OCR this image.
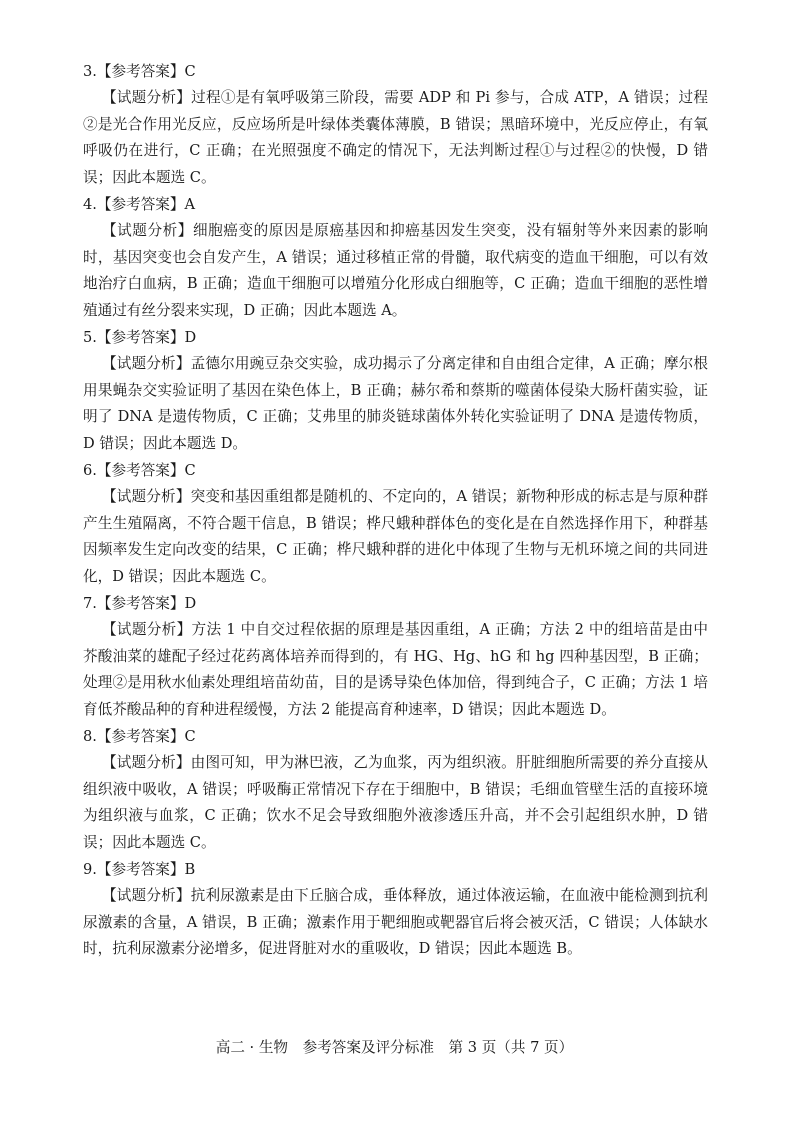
3.【参考答案】C

【试题分析】过程①是有氧呼吸第三阶段，需要 ADP 和 Pi 参与，合成 ATP，A 错误；过程②是光合作用光反应，反应场所是叶绿体类囊体薄膜，B 错误；黑暗环境中，光反应停止，有氧呼吸仍在进行，C 正确；在光照强度不确定的情况下，无法判断过程①与过程②的快慢，D 错误；因此本题选 C。

4.【参考答案】A

【试题分析】细胞癌变的原因是原癌基因和抑癌基因发生突变，没有辐射等外来因素的影响时，基因突变也会自发产生，A 错误；通过移植正常的骨髓，取代病变的造血干细胞，可以有效地治疗白血病，B 正确；造血干细胞可以增殖分化形成白细胞等，C 正确；造血干细胞的恶性增殖通过有丝分裂来实现，D 正确；因此本题选 A。

5.【参考答案】D

【试题分析】孟德尔用豌豆杂交实验，成功揭示了分离定律和自由组合定律，A 正确；摩尔根用果蝇杂交实验证明了基因在染色体上，B 正确；赫尔希和蔡斯的噬菌体侵染大肠杆菌实验，证明了 DNA 是遗传物质，C 正确；艾弗里的肺炎链球菌体外转化实验证明了 DNA 是遗传物质，D 错误；因此本题选 D。

6.【参考答案】C

【试题分析】突变和基因重组都是随机的、不定向的，A 错误；新物种形成的标志是与原种群产生生殖隔离，不符合题干信息，B 错误；桦尺蛾种群体色的变化是在自然选择作用下，种群基因频率发生定向改变的结果，C 正确；桦尺蛾种群的进化中体现了生物与无机环境之间的共同进化，D 错误；因此本题选 C。

7.【参考答案】D

【试题分析】方法 1 中自交过程依据的原理是基因重组，A 正确；方法 2 中的组培苗是由中芥酸油菜的雄配子经过花药离体培养而得到的，有 HG、Hg、hG 和 hg 四种基因型，B 正确；处理②是用秋水仙素处理组培苗幼苗，目的是诱导染色体加倍，得到纯合子，C 正确；方法 1 培育低芥酸品种的育种进程缓慢，方法 2 能提高育种速率，D 错误；因此本题选 D。

8.【参考答案】C

【试题分析】由图可知，甲为淋巴液，乙为血浆，丙为组织液。肝脏细胞所需要的养分直接从组织液中吸收，A 错误；呼吸酶正常情况下存在于细胞中，B 错误；毛细血管壁生活的直接环境为组织液与血浆，C 正确；饮水不足会导致细胞外液渗透压升高，并不会引起组织水肿，D 错误；因此本题选 C。

9.【参考答案】B

【试题分析】抗利尿激素是由下丘脑合成，垂体释放，通过体液运输，在血液中能检测到抗利尿激素的含量，A 错误，B 正确；激素作用于靶细胞或靶器官后将会被灭活，C 错误；人体缺水时，抗利尿激素分泌增多，促进肾脏对水的重吸收，D 错误；因此本题选 B。

高二 · 生物　参考答案及评分标准　第 3 页（共 7 页）
